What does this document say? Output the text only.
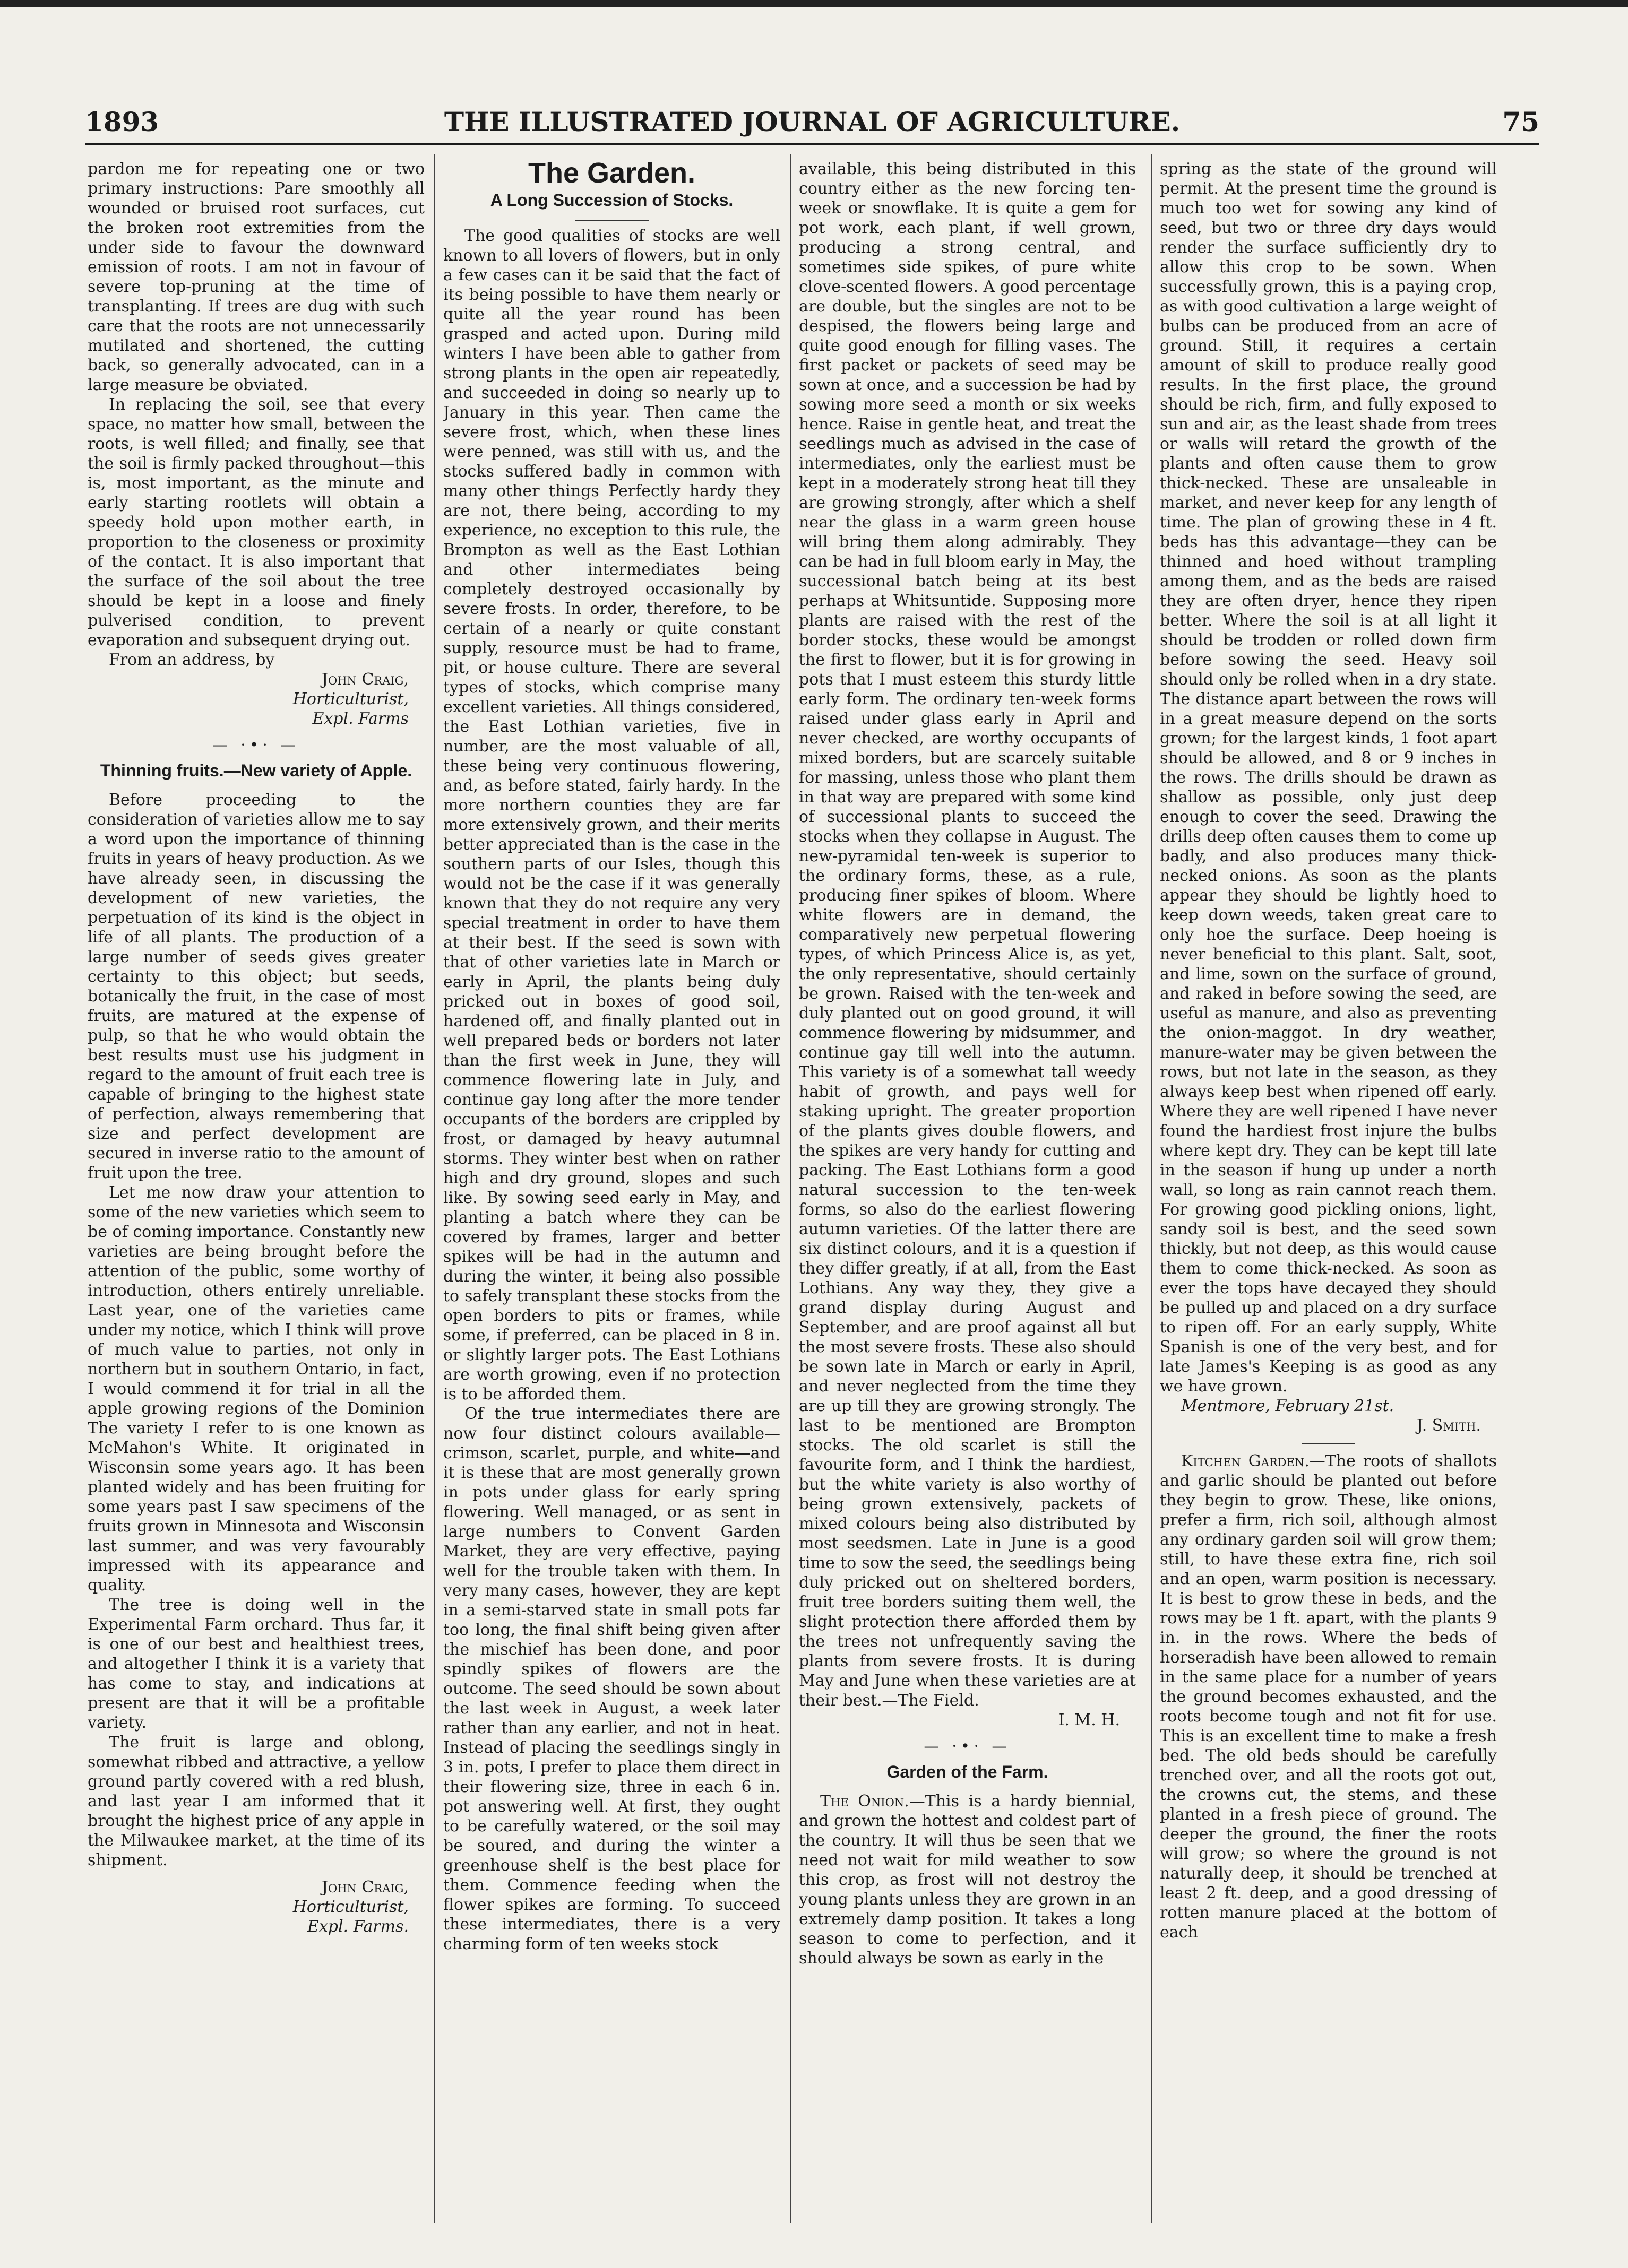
1893	THE ILLUSTRATED JOURNAL OF AGRICULTURE.	75

pardon me for repeating one or two primary instructions: Pare smoothly all wounded or bruised root surfaces, cut the broken root extremities from the under side to favour the downward emission of roots. I am not in favour of severe top-pruning at the time of transplanting. If trees are dug with such care that the roots are not unnecessarily mutilated and shortened, the cutting back, so generally advocated, can in a large measure be obviated.

In replacing the soil, see that every space, no matter how small, between the roots, is well filled; and finally, see that the soil is firmly packed throughout—this is, most important, as the minute and early starting rootlets will obtain a speedy hold upon mother earth, in proportion to the closeness or proximity of the contact. It is also important that the surface of the soil about the tree should be kept in a loose and finely pulverised condition, to prevent evaporation and subsequent drying out.

From an address, by

John Craig,
Horticulturist,
Expl. Farms
— ·•· —
Thinning fruits.—New variety of Apple.

Before proceeding to the consideration of varieties allow me to say a word upon the importance of thinning fruits in years of heavy production. As we have already seen, in discussing the development of new varieties, the perpetuation of its kind is the object in life of all plants. The production of a large number of seeds gives greater certainty to this object; but seeds, botanically the fruit, in the case of most fruits, are matured at the expense of pulp, so that he who would obtain the best results must use his judgment in regard to the amount of fruit each tree is capable of bringing to the highest state of perfection, always remembering that size and perfect development are secured in inverse ratio to the amount of fruit upon the tree.

Let me now draw your attention to some of the new varieties which seem to be of coming importance. Constantly new varieties are being brought before the attention of the public, some worthy of introduction, others entirely unreliable. Last year, one of the varieties came under my notice, which I think will prove of much value to parties, not only in northern but in southern Ontario, in fact, I would commend it for trial in all the apple growing regions of the Dominion The variety I refer to is one known as McMahon's White. It originated in Wisconsin some years ago. It has been planted widely and has been fruiting for some years past I saw specimens of the fruits grown in Minnesota and Wisconsin last summer, and was very favourably impressed with its appearance and quality.

The tree is doing well in the Experimental Farm orchard. Thus far, it is one of our best and healthiest trees, and altogether I think it is a variety that has come to stay, and indications at present are that it will be a profitable variety.

The fruit is large and oblong, somewhat ribbed and attractive, a yellow ground partly covered with a red blush, and last year I am informed that it brought the highest price of any apple in the Milwaukee market, at the time of its shipment.

John Craig,
Horticulturist,
Expl. Farms.
The Garden.
A Long Succession of Stocks.

The good qualities of stocks are well known to all lovers of flowers, but in only a few cases can it be said that the fact of its being possible to have them nearly or quite all the year round has been grasped and acted upon. During mild winters I have been able to gather from strong plants in the open air repeatedly, and succeeded in doing so nearly up to January in this year. Then came the severe frost, which, when these lines were penned, was still with us, and the stocks suffered badly in common with many other things Perfectly hardy they are not, there being, according to my experience, no exception to this rule, the Brompton as well as the East Lothian and other intermediates being completely destroyed occasionally by severe frosts. In order, therefore, to be certain of a nearly or quite constant supply, resource must be had to frame, pit, or house culture. There are several types of stocks, which comprise many excellent varieties. All things considered, the East Lothian varieties, five in number, are the most valuable of all, these being very continuous flowering, and, as before stated, fairly hardy. In the more northern counties they are far more extensively grown, and their merits better appreciated than is the case in the southern parts of our Isles, though this would not be the case if it was generally known that they do not require any very special treatment in order to have them at their best. If the seed is sown with that of other varieties late in March or early in April, the plants being duly pricked out in boxes of good soil, hardened off, and finally planted out in well prepared beds or borders not later than the first week in June, they will commence flowering late in July, and continue gay long after the more tender occupants of the borders are crippled by frost, or damaged by heavy autumnal storms. They winter best when on rather high and dry ground, slopes and such like. By sowing seed early in May, and planting a batch where they can be covered by frames, larger and better spikes will be had in the autumn and during the winter, it being also possible to safely transplant these stocks from the open borders to pits or frames, while some, if preferred, can be placed in 8 in. or slightly larger pots. The East Lothians are worth growing, even if no protection is to be afforded them.

Of the true intermediates there are now four distinct colours available—crimson, scarlet, purple, and white—and it is these that are most generally grown in pots under glass for early spring flowering. Well managed, or as sent in large numbers to Convent Garden Market, they are very effective, paying well for the trouble taken with them. In very many cases, however, they are kept in a semi-starved state in small pots far too long, the final shift being given after the mischief has been done, and poor spindly spikes of flowers are the outcome. The seed should be sown about the last week in August, a week later rather than any earlier, and not in heat. Instead of placing the seedlings singly in 3 in. pots, I prefer to place them direct in their flowering size, three in each 6 in. pot answering well. At first, they ought to be carefully watered, or the soil may be soured, and during the winter a greenhouse shelf is the best place for them. Commence feeding when the flower spikes are forming. To succeed these intermediates, there is a very charming form of ten weeks stock

available, this being distributed in this country either as the new forcing ten-week or snowflake. It is quite a gem for pot work, each plant, if well grown, producing a strong central, and sometimes side spikes, of pure white clove-scented flowers. A good percentage are double, but the singles are not to be despised, the flowers being large and quite good enough for filling vases. The first packet or packets of seed may be sown at once, and a succession be had by sowing more seed a month or six weeks hence. Raise in gentle heat, and treat the seedlings much as advised in the case of intermediates, only the earliest must be kept in a moderately strong heat till they are growing strongly, after which a shelf near the glass in a warm green house will bring them along admirably. They can be had in full bloom early in May, the successional batch being at its best perhaps at Whitsuntide. Supposing more plants are raised with the rest of the border stocks, these would be amongst the first to flower, but it is for growing in pots that I must esteem this sturdy little early form. The ordinary ten-week forms raised under glass early in April and never checked, are worthy occupants of mixed borders, but are scarcely suitable for massing, unless those who plant them in that way are prepared with some kind of successional plants to succeed the stocks when they collapse in August. The new-pyramidal ten-week is superior to the ordinary forms, these, as a rule, producing finer spikes of bloom. Where white flowers are in demand, the comparatively new perpetual flowering types, of which Princess Alice is, as yet, the only representative, should certainly be grown. Raised with the ten-week and duly planted out on good ground, it will commence flowering by midsummer, and continue gay till well into the autumn. This variety is of a somewhat tall weedy habit of growth, and pays well for staking upright. The greater proportion of the plants gives double flowers, and the spikes are very handy for cutting and packing. The East Lothians form a good natural succession to the ten-week forms, so also do the earliest flowering autumn varieties. Of the latter there are six distinct colours, and it is a question if they differ greatly, if at all, from the East Lothians. Any way they, they give a grand display during August and September, and are proof against all but the most severe frosts. These also should be sown late in March or early in April, and never neglected from the time they are up till they are growing strongly. The last to be mentioned are Brompton stocks. The old scarlet is still the favourite form, and I think the hardiest, but the white variety is also worthy of being grown extensively, packets of mixed colours being also distributed by most seedsmen. Late in June is a good time to sow the seed, the seedlings being duly pricked out on sheltered borders, fruit tree borders suiting them well, the slight protection there afforded them by the trees not unfrequently saving the plants from severe frosts. It is during May and June when these varieties are at their best.—The Field.

I. M. H.
— ·•· —
Garden of the Farm.

The Onion.—This is a hardy biennial, and grown the hottest and coldest part of the country. It will thus be seen that we need not wait for mild weather to sow this crop, as frost will not destroy the young plants unless they are grown in an extremely damp position. It takes a long season to come to perfection, and it should always be sown as early in the

spring as the state of the ground will permit. At the present time the ground is much too wet for sowing any kind of seed, but two or three dry days would render the surface sufficiently dry to allow this crop to be sown. When successfully grown, this is a paying crop, as with good cultivation a large weight of bulbs can be produced from an acre of ground. Still, it requires a certain amount of skill to produce really good results. In the first place, the ground should be rich, firm, and fully exposed to sun and air, as the least shade from trees or walls will retard the growth of the plants and often cause them to grow thick-necked. These are unsaleable in market, and never keep for any length of time. The plan of growing these in 4 ft. beds has this advantage—they can be thinned and hoed without trampling among them, and as the beds are raised they are often dryer, hence they ripen better. Where the soil is at all light it should be trodden or rolled down firm before sowing the seed. Heavy soil should only be rolled when in a dry state. The distance apart between the rows will in a great measure depend on the sorts grown; for the largest kinds, 1 foot apart should be allowed, and 8 or 9 inches in the rows. The drills should be drawn as shallow as possible, only just deep enough to cover the seed. Drawing the drills deep often causes them to come up badly, and also produces many thick-necked onions. As soon as the plants appear they should be lightly hoed to keep down weeds, taken great care to only hoe the surface. Deep hoeing is never beneficial to this plant. Salt, soot, and lime, sown on the surface of ground, and raked in before sowing the seed, are useful as manure, and also as preventing the onion-maggot. In dry weather, manure-water may be given between the rows, but not late in the season, as they always keep best when ripened off early. Where they are well ripened I have never found the hardiest frost injure the bulbs where kept dry. They can be kept till late in the season if hung up under a north wall, so long as rain cannot reach them. For growing good pickling onions, light, sandy soil is best, and the seed sown thickly, but not deep, as this would cause them to come thick-necked. As soon as ever the tops have decayed they should be pulled up and placed on a dry surface to ripen off. For an early supply, White Spanish is one of the very best, and for late James's Keeping is as good as any we have grown.

Mentmore, February 21st.

J. Smith.

Kitchen Garden.—The roots of shallots and garlic should be planted out before they begin to grow. These, like onions, prefer a firm, rich soil, although almost any ordinary garden soil will grow them; still, to have these extra fine, rich soil and an open, warm position is necessary. It is best to grow these in beds, and the rows may be 1 ft. apart, with the plants 9 in. in the rows. Where the beds of horseradish have been allowed to remain in the same place for a number of years the ground becomes exhausted, and the roots become tough and not fit for use. This is an excellent time to make a fresh bed. The old beds should be carefully trenched over, and all the roots got out, the crowns cut, the stems, and these planted in a fresh piece of ground. The deeper the ground, the finer the roots will grow; so where the ground is not naturally deep, it should be trenched at least 2 ft. deep, and a good dressing of rotten manure placed at the bottom of each
